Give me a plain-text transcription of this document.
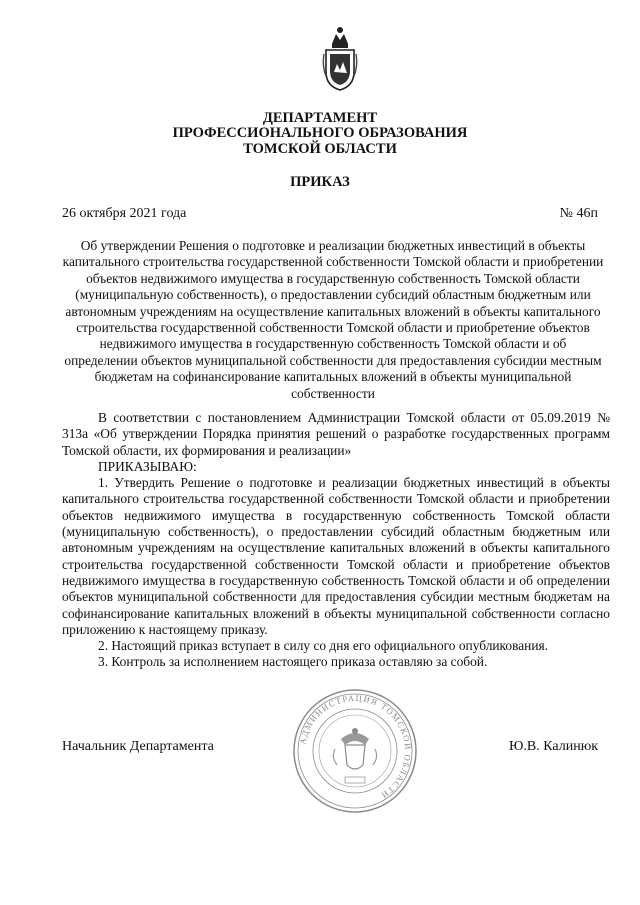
ДЕПАРТАМЕНТ
ПРОФЕССИОНАЛЬНОГО ОБРАЗОВАНИЯ
ТОМСКОЙ ОБЛАСТИ
ПРИКАЗ
26 октября 2021 года	№ 46п
Об утверждении Решения о подготовке и реализации бюджетных инвестиций в объекты капитального строительства государственной собственности Томской области и приобретении объектов недвижимого имущества в государственную собственность Томской области (муниципальную собственность), о предоставлении субсидий областным бюджетным или автономным учреждениям на осуществление капитальных вложений в объекты капитального строительства государственной собственности Томской области и приобретение объектов недвижимого имущества в государственную собственность Томской области и об определении объектов муниципальной собственности для предоставления субсидии местным бюджетам на софинансирование капитальных вложений в объекты муниципальной собственности

В соответствии с постановлением Администрации Томской области от 05.09.2019 № 313а «Об утверждении Порядка принятия решений о разработке государственных программ Томской области, их формирования и реализации»

ПРИКАЗЫВАЮ:

1. Утвердить Решение о подготовке и реализации бюджетных инвестиций в объекты капитального строительства государственной собственности Томской области и приобретении объектов недвижимого имущества в государственную собственность Томской области (муниципальную собственность), о предоставлении субсидий областным бюджетным или автономным учреждениям на осуществление капитальных вложений в объекты капитального строительства государственной собственности Томской области и приобретение объектов недвижимого имущества в государственную собственность Томской области и об определении объектов муниципальной собственности для предоставления субсидии местным бюджетам на софинансирование капитальных вложений в объекты муниципальной собственности согласно приложению к настоящему приказу.

2. Настоящий приказ вступает в силу со дня его официального опубликования.

3. Контроль за исполнением настоящего приказа оставляю за собой.

АДМИНИСТРАЦИЯ ТОМСКОЙ ОБЛАСТИ
Начальник Департамента	Ю.В. Калинюк
